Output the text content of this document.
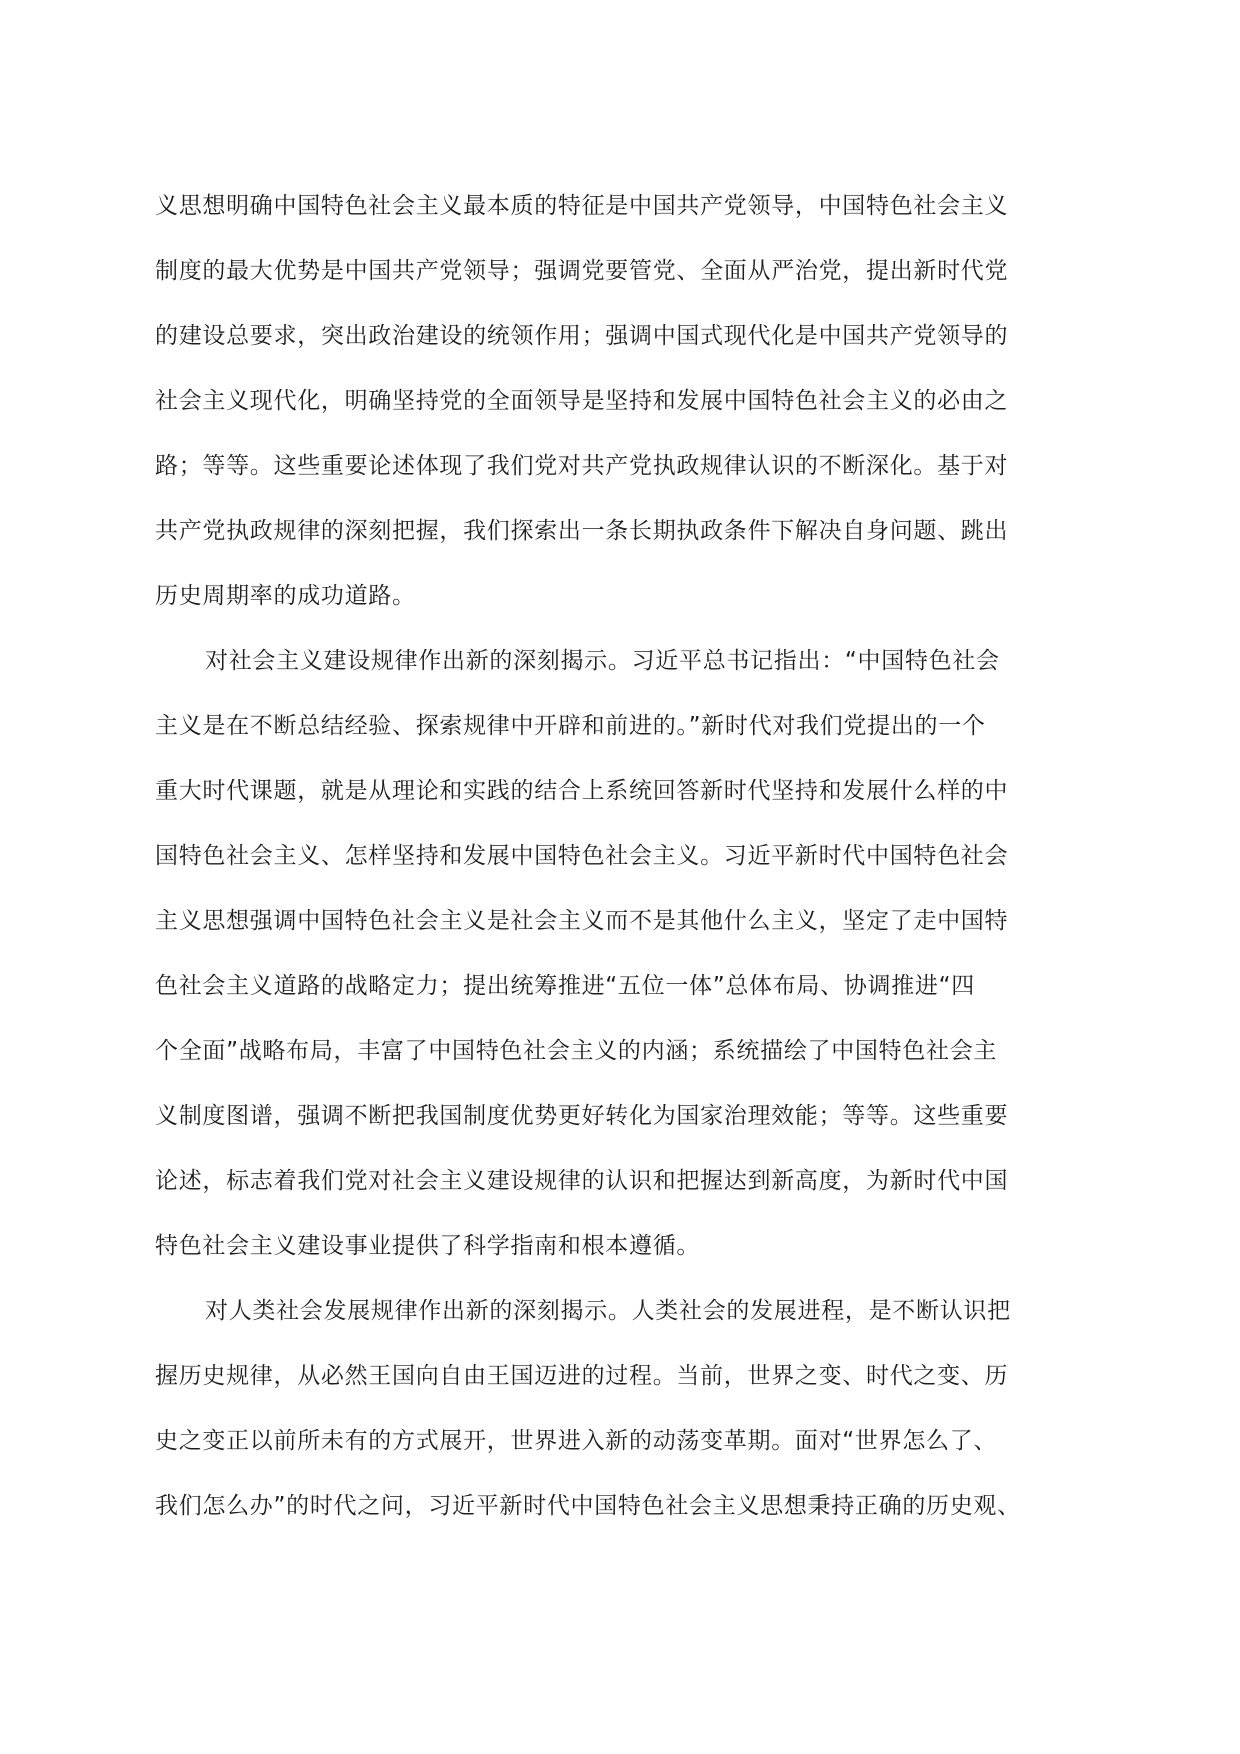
义思想明确中国特色社会主义最本质的特征是中国共产党领导，中国特色社会主义
制度的最大优势是中国共产党领导；强调党要管党、全面从严治党，提出新时代党
的建设总要求，突出政治建设的统领作用；强调中国式现代化是中国共产党领导的
社会主义现代化，明确坚持党的全面领导是坚持和发展中国特色社会主义的必由之
路；等等。这些重要论述体现了我们党对共产党执政规律认识的不断深化。基于对
共产党执政规律的深刻把握，我们探索出一条长期执政条件下解决自身问题、跳出
历史周期率的成功道路。

对社会主义建设规律作出新的深刻揭示。习近平总书记指出：“中国特色社会
主义是在不断总结经验、探索规律中开辟和前进的。”新时代对我们党提出的一个
重大时代课题，就是从理论和实践的结合上系统回答新时代坚持和发展什么样的中
国特色社会主义、怎样坚持和发展中国特色社会主义。习近平新时代中国特色社会
主义思想强调中国特色社会主义是社会主义而不是其他什么主义，坚定了走中国特
色社会主义道路的战略定力；提出统筹推进“五位一体”总体布局、协调推进“四
个全面”战略布局，丰富了中国特色社会主义的内涵；系统描绘了中国特色社会主
义制度图谱，强调不断把我国制度优势更好转化为国家治理效能；等等。这些重要
论述，标志着我们党对社会主义建设规律的认识和把握达到新高度，为新时代中国
特色社会主义建设事业提供了科学指南和根本遵循。

对人类社会发展规律作出新的深刻揭示。人类社会的发展进程，是不断认识把
握历史规律，从必然王国向自由王国迈进的过程。当前，世界之变、时代之变、历
史之变正以前所未有的方式展开，世界进入新的动荡变革期。面对“世界怎么了、
我们怎么办”的时代之问，习近平新时代中国特色社会主义思想秉持正确的历史观、
